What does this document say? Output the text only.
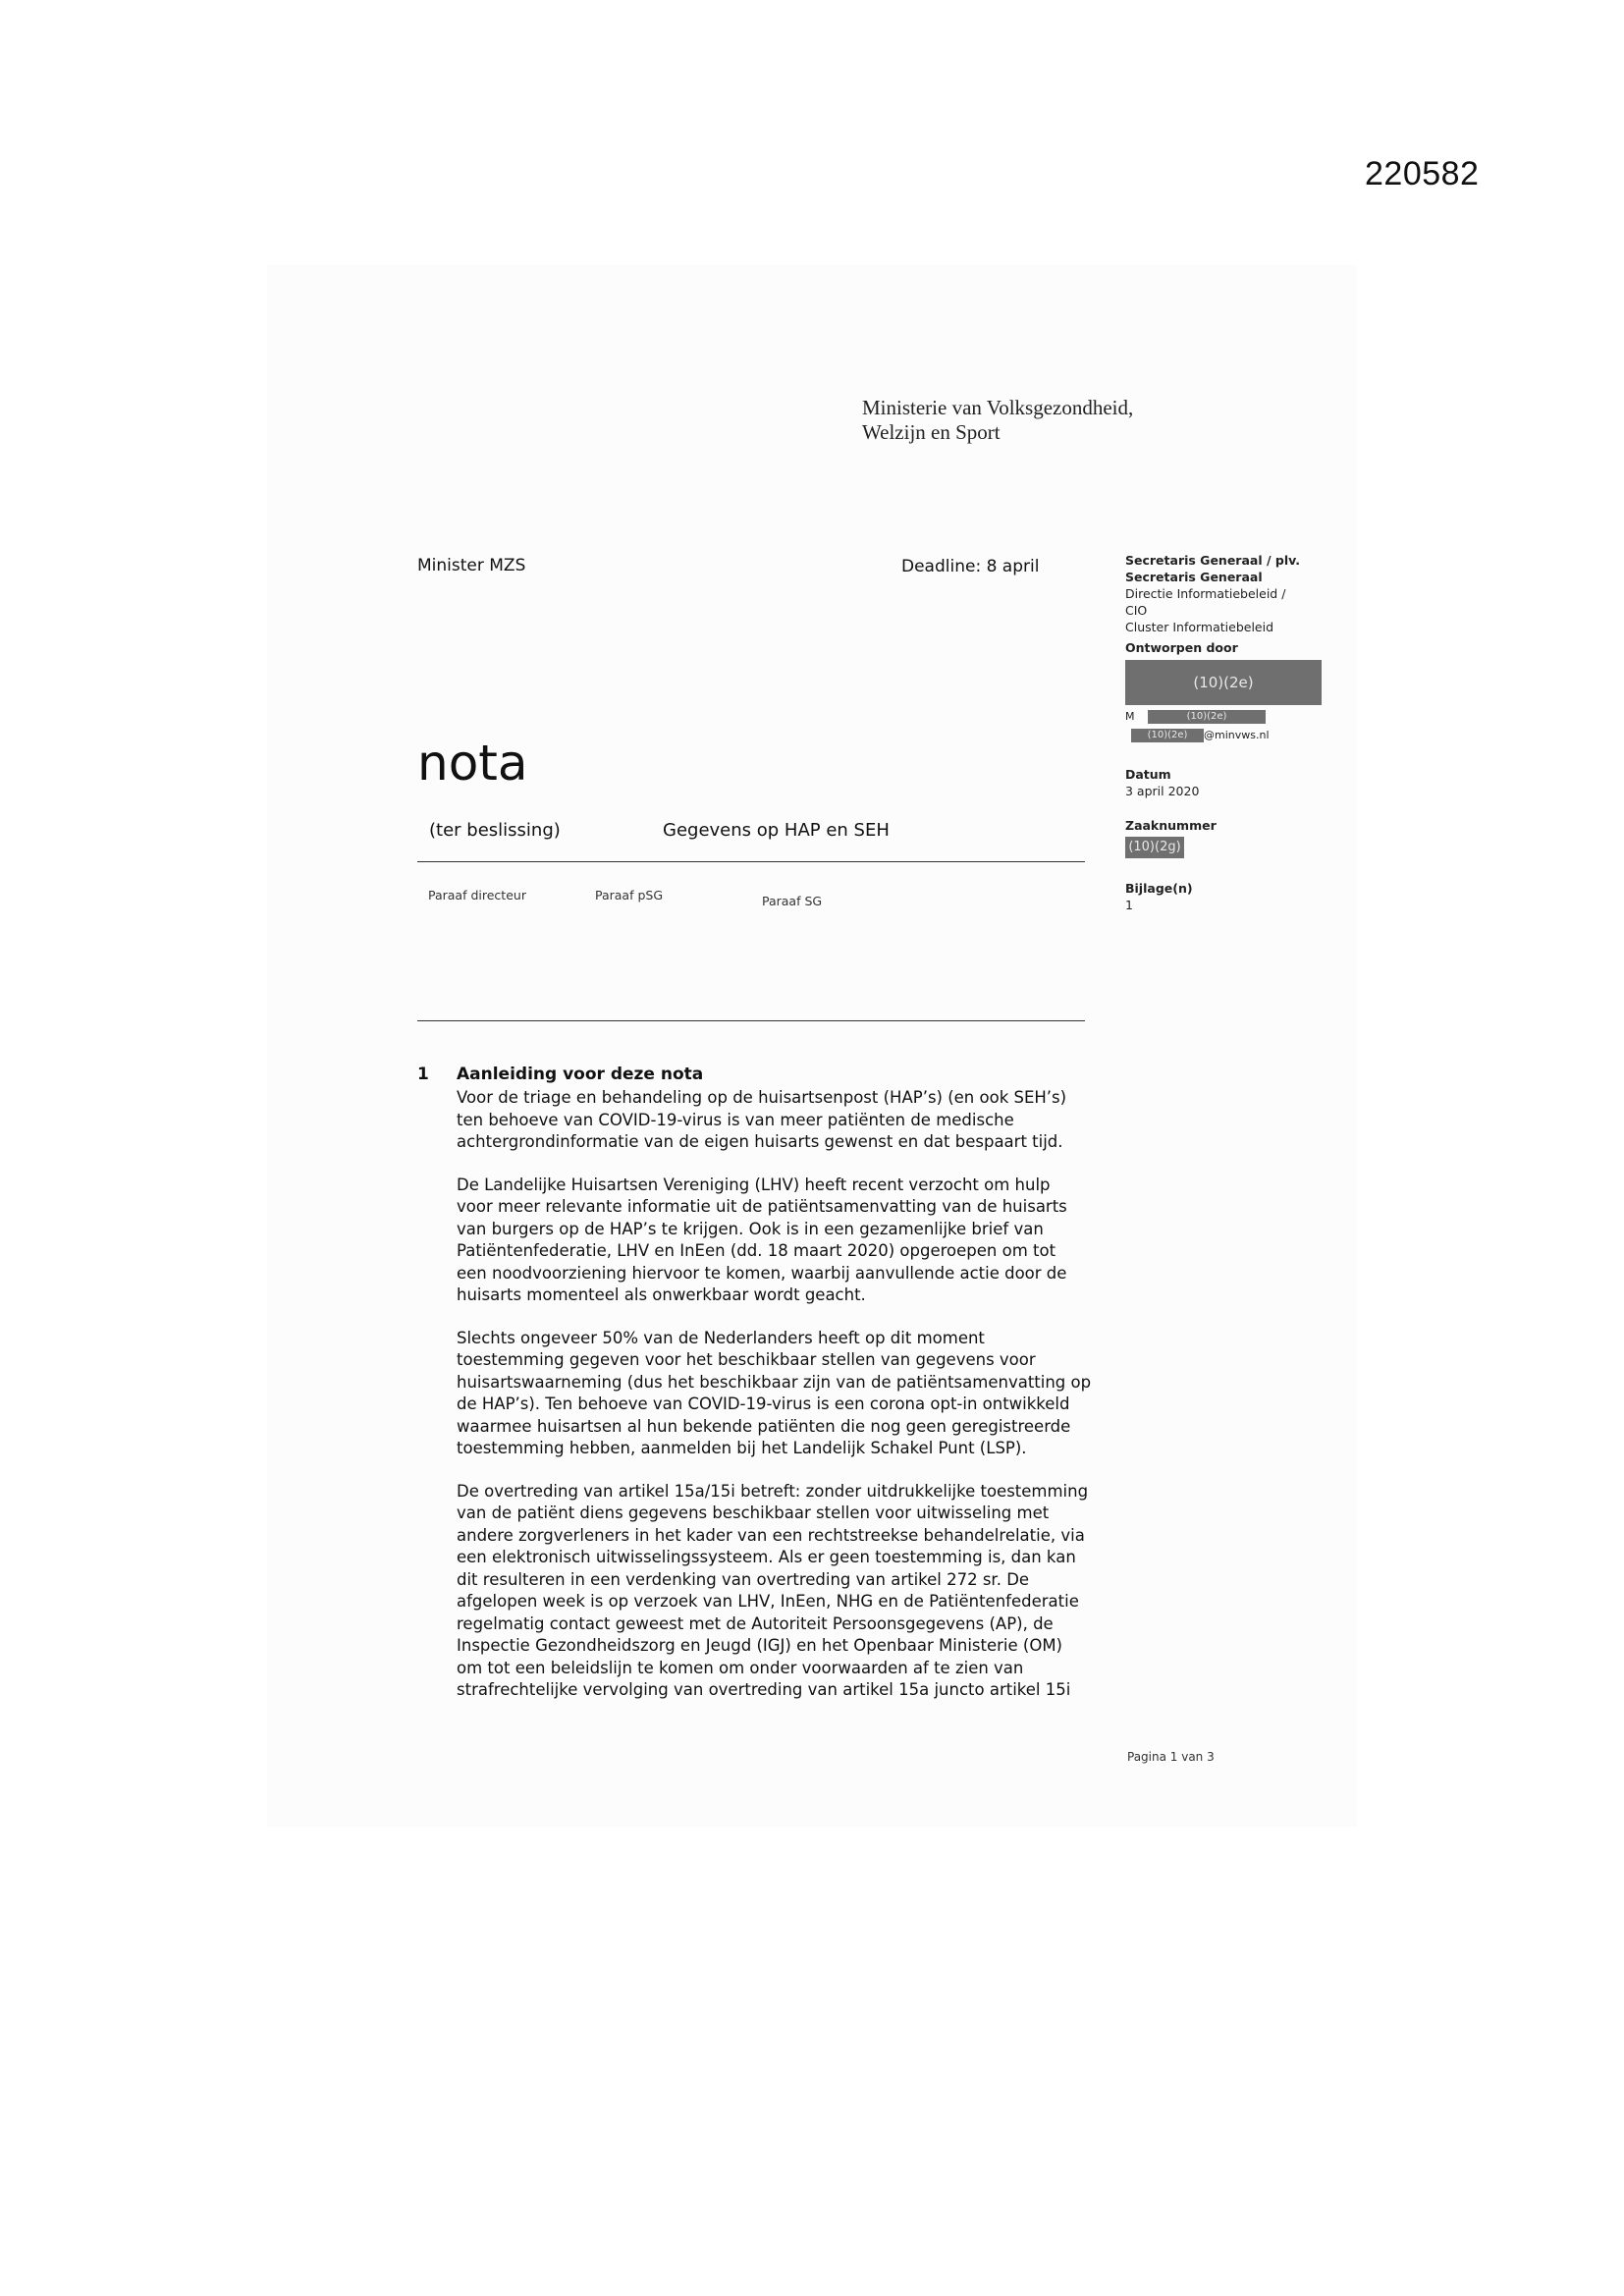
220582
Ministerie van Volksgezondheid,
Welzijn en Sport
Minister MZS	Deadline: 8 april	Secretaris Generaal / plv.
Secretaris Generaal
Directie Informatiebeleid /
CIO
Cluster Informatiebeleid
Ontworpen door
(10)(2e)
M	(10)(2e)
(10)(2e) @minvws.nl
Datum
3 april 2020
Zaaknummer
(10)(2g)
Bijlage(n)
1
nota
(ter beslissing)	Gegevens op HAP en SEH
Paraaf directeur	Paraaf pSG	Paraaf SG
1 Aanleiding voor deze nota

Voor de triage en behandeling op de huisartsenpost (HAP’s) (en ook SEH’s)
ten behoeve van COVID-19-virus is van meer patiënten de medische
achtergrondinformatie van de eigen huisarts gewenst en dat bespaart tijd.

De Landelijke Huisartsen Vereniging (LHV) heeft recent verzocht om hulp
voor meer relevante informatie uit de patiëntsamenvatting van de huisarts
van burgers op de HAP’s te krijgen. Ook is in een gezamenlijke brief van
Patiëntenfederatie, LHV en InEen (dd. 18 maart 2020) opgeroepen om tot
een noodvoorziening hiervoor te komen, waarbij aanvullende actie door de
huisarts momenteel als onwerkbaar wordt geacht.

Slechts ongeveer 50% van de Nederlanders heeft op dit moment
toestemming gegeven voor het beschikbaar stellen van gegevens voor
huisartswaarneming (dus het beschikbaar zijn van de patiëntsamenvatting op
de HAP’s). Ten behoeve van COVID-19-virus is een corona opt-in ontwikkeld
waarmee huisartsen al hun bekende patiënten die nog geen geregistreerde
toestemming hebben, aanmelden bij het Landelijk Schakel Punt (LSP).

De overtreding van artikel 15a/15i betreft: zonder uitdrukkelijke toestemming
van de patiënt diens gegevens beschikbaar stellen voor uitwisseling met
andere zorgverleners in het kader van een rechtstreekse behandelrelatie, via
een elektronisch uitwisselingssysteem. Als er geen toestemming is, dan kan
dit resulteren in een verdenking van overtreding van artikel 272 sr. De
afgelopen week is op verzoek van LHV, InEen, NHG en de Patiëntenfederatie
regelmatig contact geweest met de Autoriteit Persoonsgegevens (AP), de
Inspectie Gezondheidszorg en Jeugd (IGJ) en het Openbaar Ministerie (OM)
om tot een beleidslijn te komen om onder voorwaarden af te zien van
strafrechtelijke vervolging van overtreding van artikel 15a juncto artikel 15i

Pagina 1 van 3
